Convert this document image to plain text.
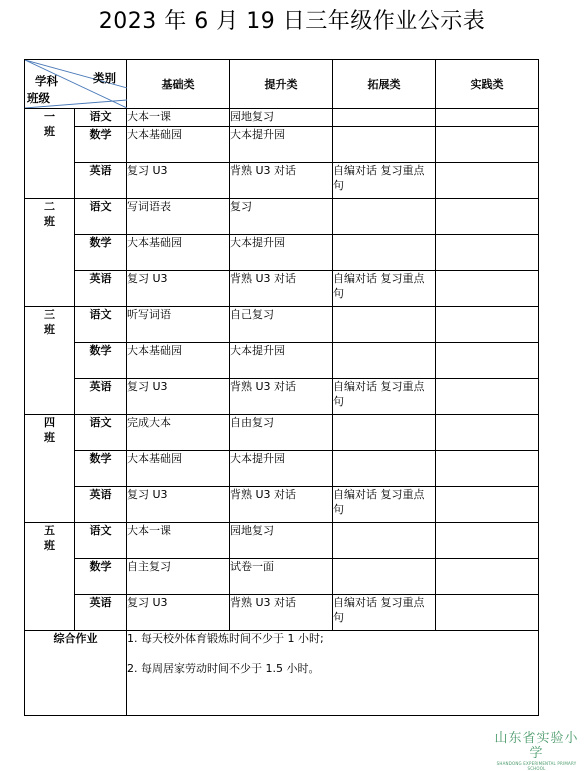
2023 年 6 月 19 日三年级作业公示表
类别
学科
班级		基础类	提升类	拓展类	实践类
一
班	语文	大本一课	园地复习		
	数学	大本基础园	大本提升园		
	英语	复习 U3	背熟 U3 对话	自编对话 复习重点句	
二
班	语文	写词语表	复习		
	数学	大本基础园	大本提升园		
	英语	复习 U3	背熟 U3 对话	自编对话 复习重点句	
三
班	语文	听写词语	自己复习		
	数学	大本基础园	大本提升园		
	英语	复习 U3	背熟 U3 对话	自编对话 复习重点句	
四
班	语文	完成大本	自由复习		
	数学	大本基础园	大本提升园		
	英语	复习 U3	背熟 U3 对话	自编对话 复习重点句	
五
班	语文	大本一课	园地复习		
	数学	自主复习	试卷一面		
	英语	复习 U3	背熟 U3 对话	自编对话 复习重点句	
综合作业		1. 每天校外体育锻炼时间不少于 1 小时;
2. 每周居家劳动时间不少于 1.5 小时。			
山东省实验小学
SHANDONG EXPERIMENTAL PRIMARY SCHOOL
